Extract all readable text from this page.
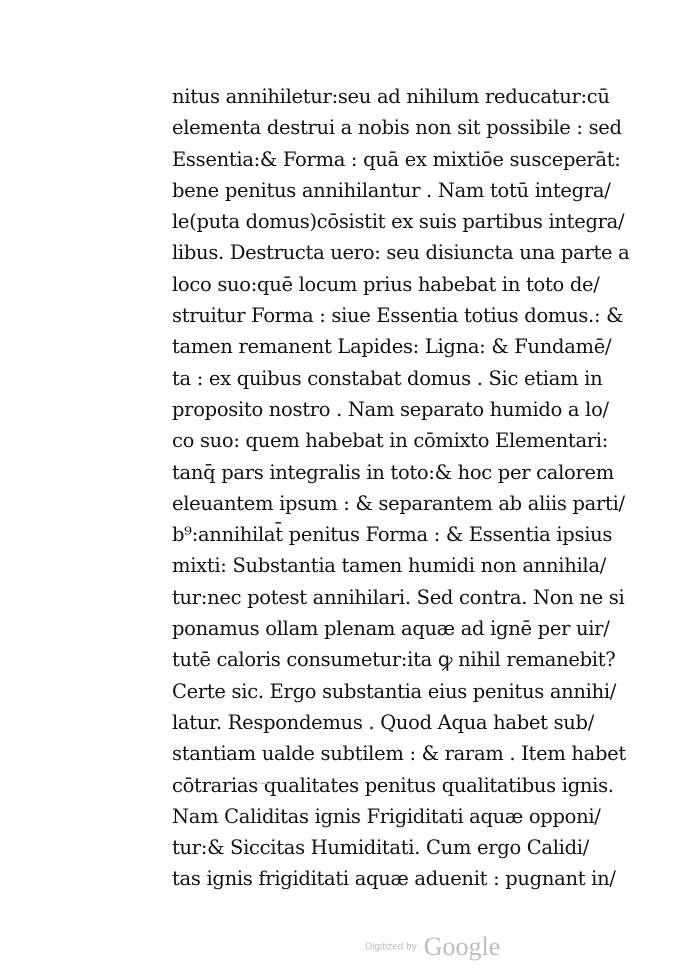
nitus annihiletur:seu ad nihilum reducatur:cū
elementa destrui a nobis non sit possibile : sed
Essentia:& Forma : quā ex mixtiōe susceperāt:
bene penitus annihilantur . Nam totū integra/
le(puta domus)cōsistit ex suis partibus integra/
libus. Destructa uero: seu disiuncta una parte a
loco suo:quē locum prius habebat in toto de/
struitur Forma : siue Essentia totius domus.: &
tamen remanent Lapides: Ligna: & Fundamē/
ta : ex quibus constabat domus . Sic etiam in
proposito nostro . Nam separato humido a lo/
co suo: quem habebat in cōmixto Elementari:
tanq̄ pars integralis in toto:& hoc per calorem
eleuantem ipsum : & separantem ab aliis parti/
b⁹:annihilat̄ penitus Forma : & Essentia ipsius
mixti: Substantia tamen humidi non annihila/
tur:nec potest annihilari. Sed contra. Non ne si
ponamus ollam plenam aquæ ad ignē per uir/
tutē caloris consumetur:ita ꝙ nihil remanebit?
Certe sic. Ergo substantia eius penitus annihi/
latur. Respondemus . Quod Aqua habet sub/
stantiam ualde subtilem : & raram . Item habet
cōtrarias qualitates penitus qualitatibus ignis.
Nam Caliditas ignis Frigiditati aquæ opponi/
tur:& Siccitas Humiditati. Cum ergo Calidi/
tas ignis frigiditati aquæ aduenit : pugnant in/
Digitized by Google
